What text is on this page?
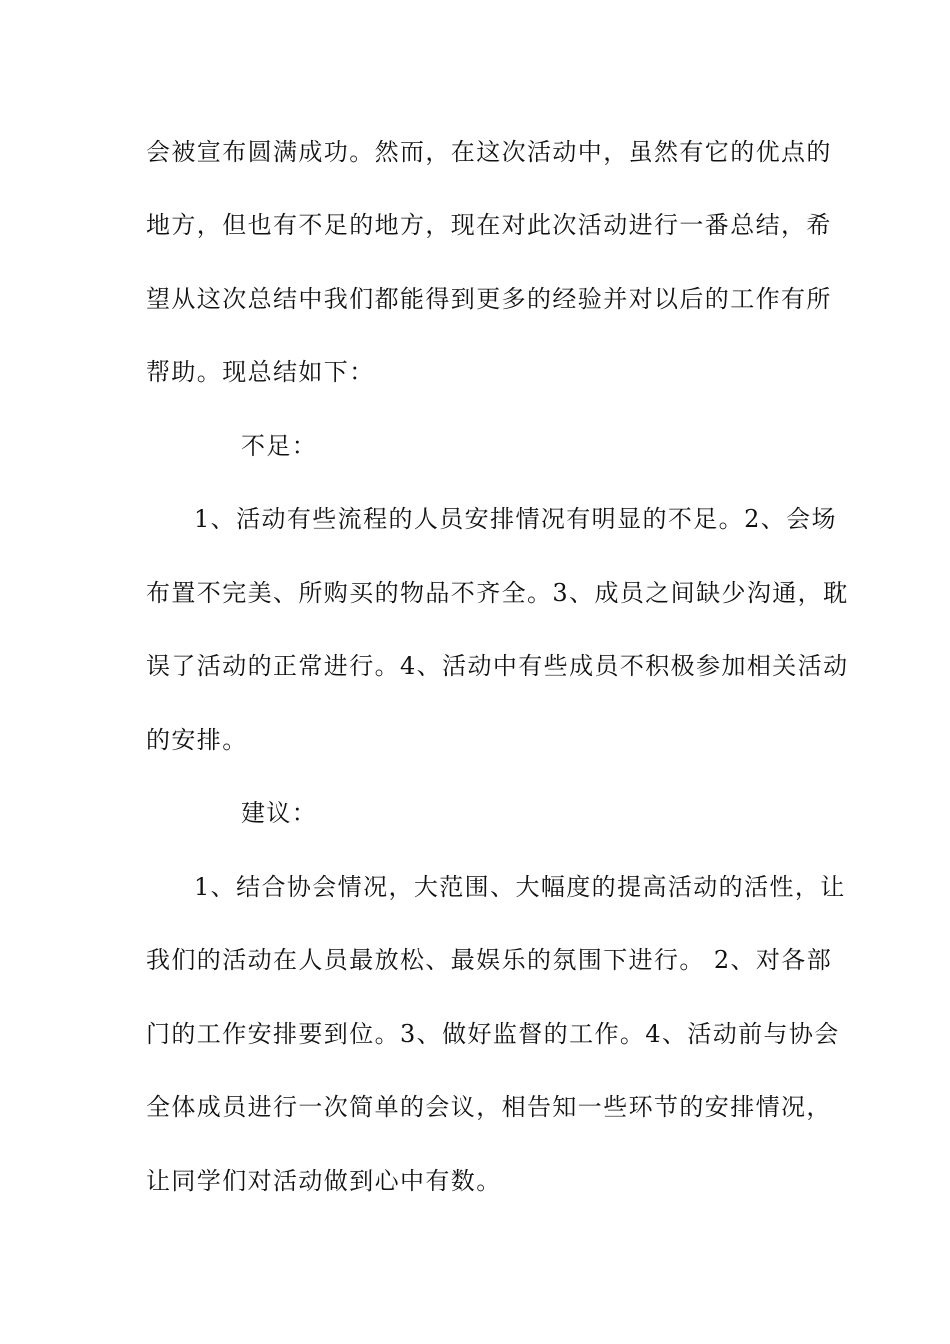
会被宣布圆满成功。然而，在这次活动中，虽然有它的优点的
地方，但也有不足的地方，现在对此次活动进行一番总结，希
望从这次总结中我们都能得到更多的经验并对以后的工作有所
帮助。现总结如下：
不足：
1、活动有些流程的人员安排情况有明显的不足。2、会场
布置不完美、所购买的物品不齐全。3、成员之间缺少沟通，耽
误了活动的正常进行。4、活动中有些成员不积极参加相关活动
的安排。
建议：
1、结合协会情况，大范围、大幅度的提高活动的活性，让
我们的活动在人员最放松、最娱乐的氛围下进行。 2、对各部
门的工作安排要到位。3、做好监督的工作。4、活动前与协会
全体成员进行一次简单的会议，相告知一些环节的安排情况，
让同学们对活动做到心中有数。
